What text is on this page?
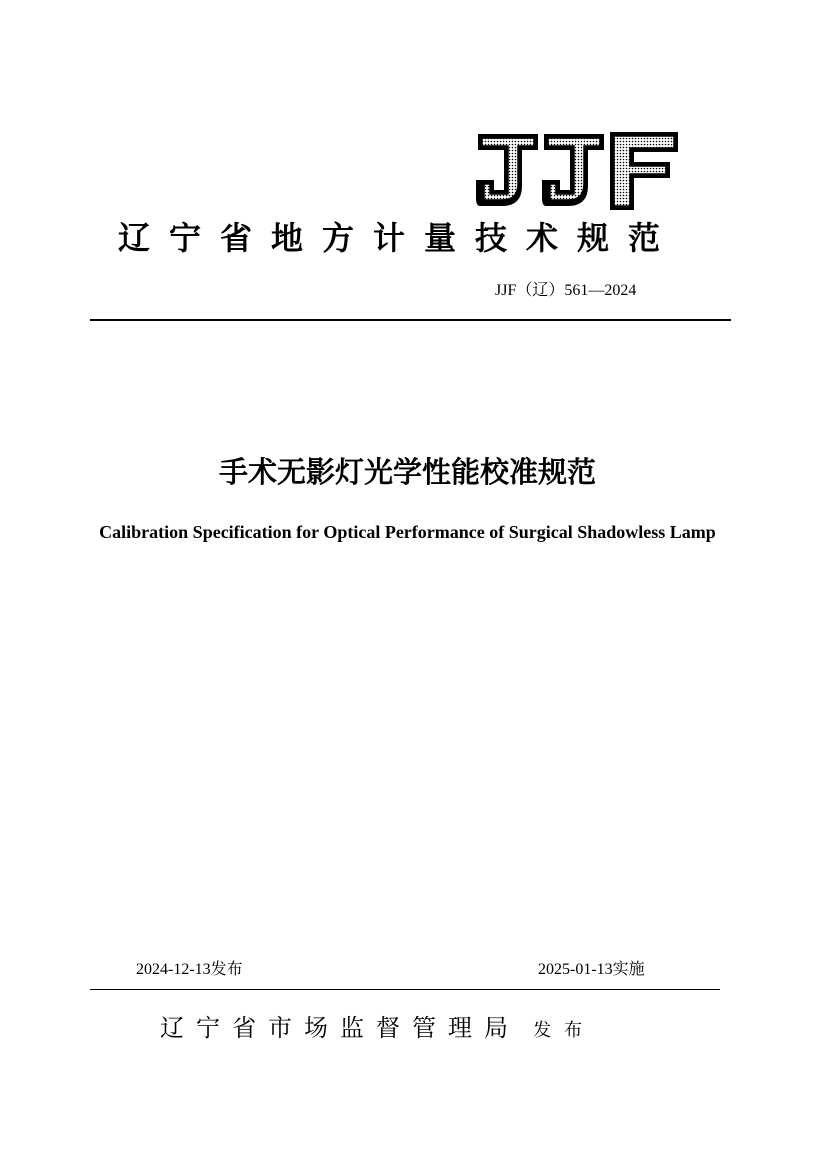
辽宁省地方计量技术规范
JJF（辽）561—2024
手术无影灯光学性能校准规范
Calibration Specification for Optical Performance of Surgical Shadowless Lamp
2024-12-13发布	2025-01-13实施
辽宁省市场监督管理局 发布
